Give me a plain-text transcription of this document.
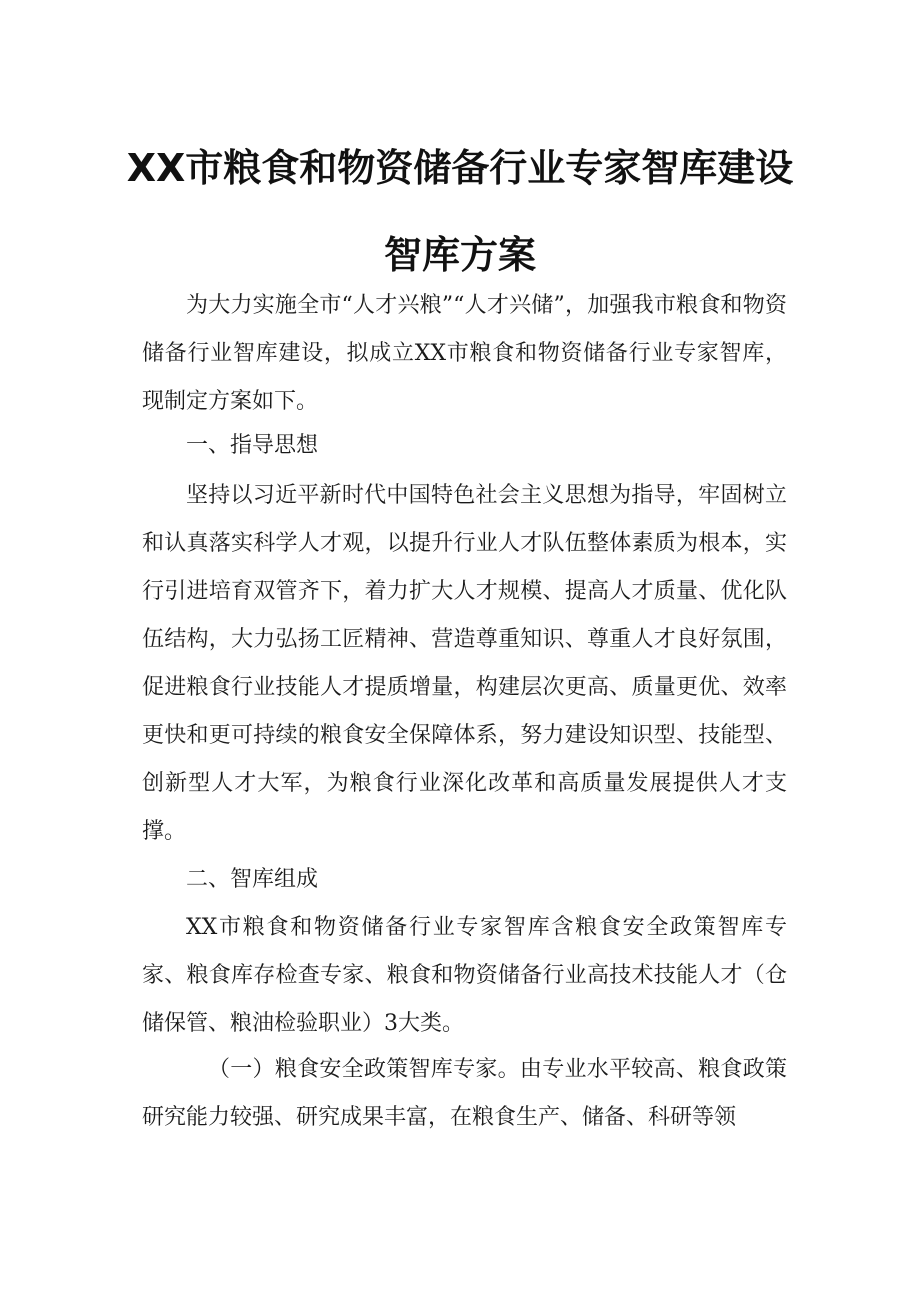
XX市粮食和物资储备行业专家智库建设
智库方案
为大力实施全市“人才兴粮”“人才兴储”，加强我市粮食和物资储备行业智库建设，拟成立XX市粮食和物资储备行业专家智库，现制定方案如下。
一、指导思想
坚持以习近平新时代中国特色社会主义思想为指导，牢固树立和认真落实科学人才观，以提升行业人才队伍整体素质为根本，实行引进培育双管齐下，着力扩大人才规模、提高人才质量、优化队伍结构，大力弘扬工匠精神、营造尊重知识、尊重人才良好氛围，促进粮食行业技能人才提质增量，构建层次更高、质量更优、效率更快和更可持续的粮食安全保障体系，努力建设知识型、技能型、创新型人才大军，为粮食行业深化改革和高质量发展提供人才支撑。
二、智库组成
XX市粮食和物资储备行业专家智库含粮食安全政策智库专家、粮食库存检查专家、粮食和物资储备行业高技术技能人才（仓储保管、粮油检验职业）3大类。
（一）粮食安全政策智库专家。由专业水平较高、粮食政策研究能力较强、研究成果丰富，在粮食生产、储备、科研等领
